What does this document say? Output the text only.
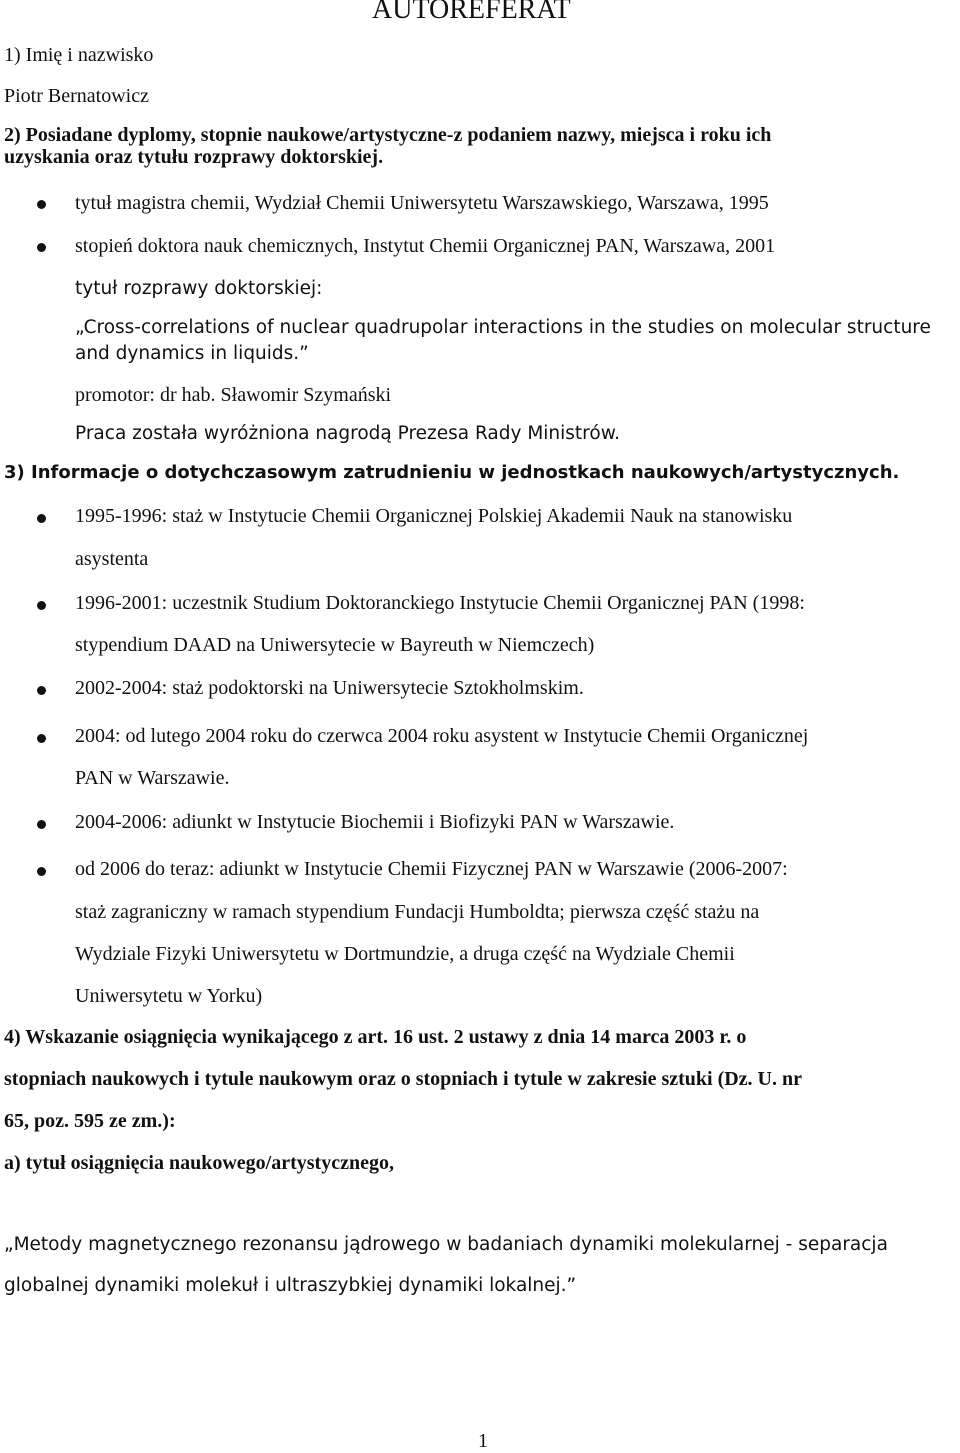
AUTOREFERAT
1) Imię i nazwisko
Piotr Bernatowicz
2) Posiadane dyplomy, stopnie naukowe/artystyczne-z podaniem nazwy, miejsca i roku ich
uzyskania oraz tytułu rozprawy doktorskiej.
tytuł magistra chemii, Wydział Chemii Uniwersytetu Warszawskiego, Warszawa, 1995
stopień doktora nauk chemicznych, Instytut Chemii Organicznej PAN, Warszawa, 2001
tytuł rozprawy doktorskiej:
„Cross-correlations of nuclear quadrupolar interactions in the studies on molecular structure
and dynamics in liquids.”
promotor: dr hab. Sławomir Szymański
Praca została wyróżniona nagrodą Prezesa Rady Ministrów.
3) Informacje o dotychczasowym zatrudnieniu w jednostkach naukowych/artystycznych.
1995-1996: staż w Instytucie Chemii Organicznej Polskiej Akademii Nauk na stanowisku
asystenta
1996-2001: uczestnik Studium Doktoranckiego Instytucie Chemii Organicznej PAN (1998:
stypendium DAAD na Uniwersytecie w Bayreuth w Niemczech)
2002-2004: staż podoktorski na Uniwersytecie Sztokholmskim.
2004: od lutego 2004 roku do czerwca 2004 roku asystent w Instytucie Chemii Organicznej
PAN w Warszawie.
2004-2006: adiunkt w Instytucie Biochemii i Biofizyki PAN w Warszawie.
od 2006 do teraz: adiunkt w Instytucie Chemii Fizycznej PAN w Warszawie (2006-2007:
staż zagraniczny w ramach stypendium Fundacji Humboldta; pierwsza część stażu na
Wydziale Fizyki Uniwersytetu w Dortmundzie, a druga część na Wydziale Chemii
Uniwersytetu w Yorku)
4) Wskazanie osiągnięcia wynikającego z art. 16 ust. 2 ustawy z dnia 14 marca 2003 r. o
stopniach naukowych i tytule naukowym oraz o stopniach i tytule w zakresie sztuki (Dz. U. nr
65, poz. 595 ze zm.):
a) tytuł osiągnięcia naukowego/artystycznego,
„Metody magnetycznego rezonansu jądrowego w badaniach dynamiki molekularnej - separacja
globalnej dynamiki molekuł i ultraszybkiej dynamiki lokalnej.”
1
